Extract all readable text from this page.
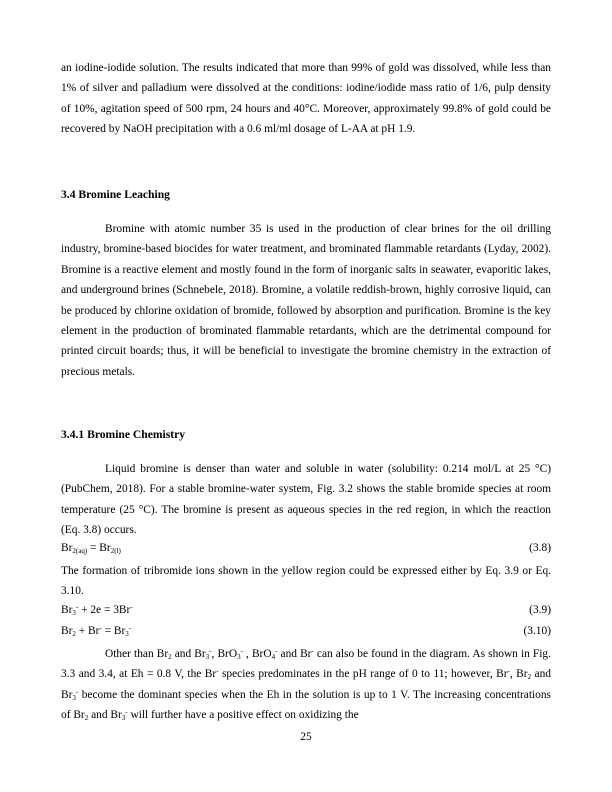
an iodine-iodide solution. The results indicated that more than 99% of gold was dissolved, while less than 1% of silver and palladium were dissolved at the conditions: iodine/iodide mass ratio of 1/6, pulp density of 10%, agitation speed of 500 rpm, 24 hours and 40°C. Moreover, approximately 99.8% of gold could be recovered by NaOH precipitation with a 0.6 ml/ml dosage of L-AA at pH 1.9.

3.4 Bromine Leaching

Bromine with atomic number 35 is used in the production of clear brines for the oil drilling industry, bromine-based biocides for water treatment, and brominated flammable retardants (Lyday, 2002). Bromine is a reactive element and mostly found in the form of inorganic salts in seawater, evaporitic lakes, and underground brines (Schnebele, 2018). Bromine, a volatile reddish-brown, highly corrosive liquid, can be produced by chlorine oxidation of bromide, followed by absorption and purification. Bromine is the key element in the production of brominated flammable retardants, which are the detrimental compound for printed circuit boards; thus, it will be beneficial to investigate the bromine chemistry in the extraction of precious metals.

3.4.1 Bromine Chemistry

Liquid bromine is denser than water and soluble in water (solubility: 0.214 mol/L at 25 °C) (PubChem, 2018). For a stable bromine-water system, Fig. 3.2 shows the stable bromide species at room temperature (25 °C). The bromine is present as aqueous species in the red region, in which the reaction (Eq. 3.8) occurs.

$Br_{2(aq)} = Br_{2(l)}$	(3.8)

The formation of tribromide ions shown in the yellow region could be expressed either by Eq. 3.9 or Eq. 3.10.

$Br_3^- + 2e = 3Br^-$	(3.9)
$Br_2 + Br^- = Br_3^-$	(3.10)

Other than $Br_2$ and $Br_3^-$, BrO$_3$- , BrO$_4$- and Br- can also be found in the diagram. As shown in Fig. 3.3 and 3.4, at Eh = 0.8 V, the Br- species predominates in the pH range of 0 to 11; however, Br-, $Br_2$ and $Br_3^-$ become the dominant species when the Eh in the solution is up to 1 V. The increasing concentrations of $Br_2$ and $Br_3^-$ will further have a positive effect on oxidizing the

25
